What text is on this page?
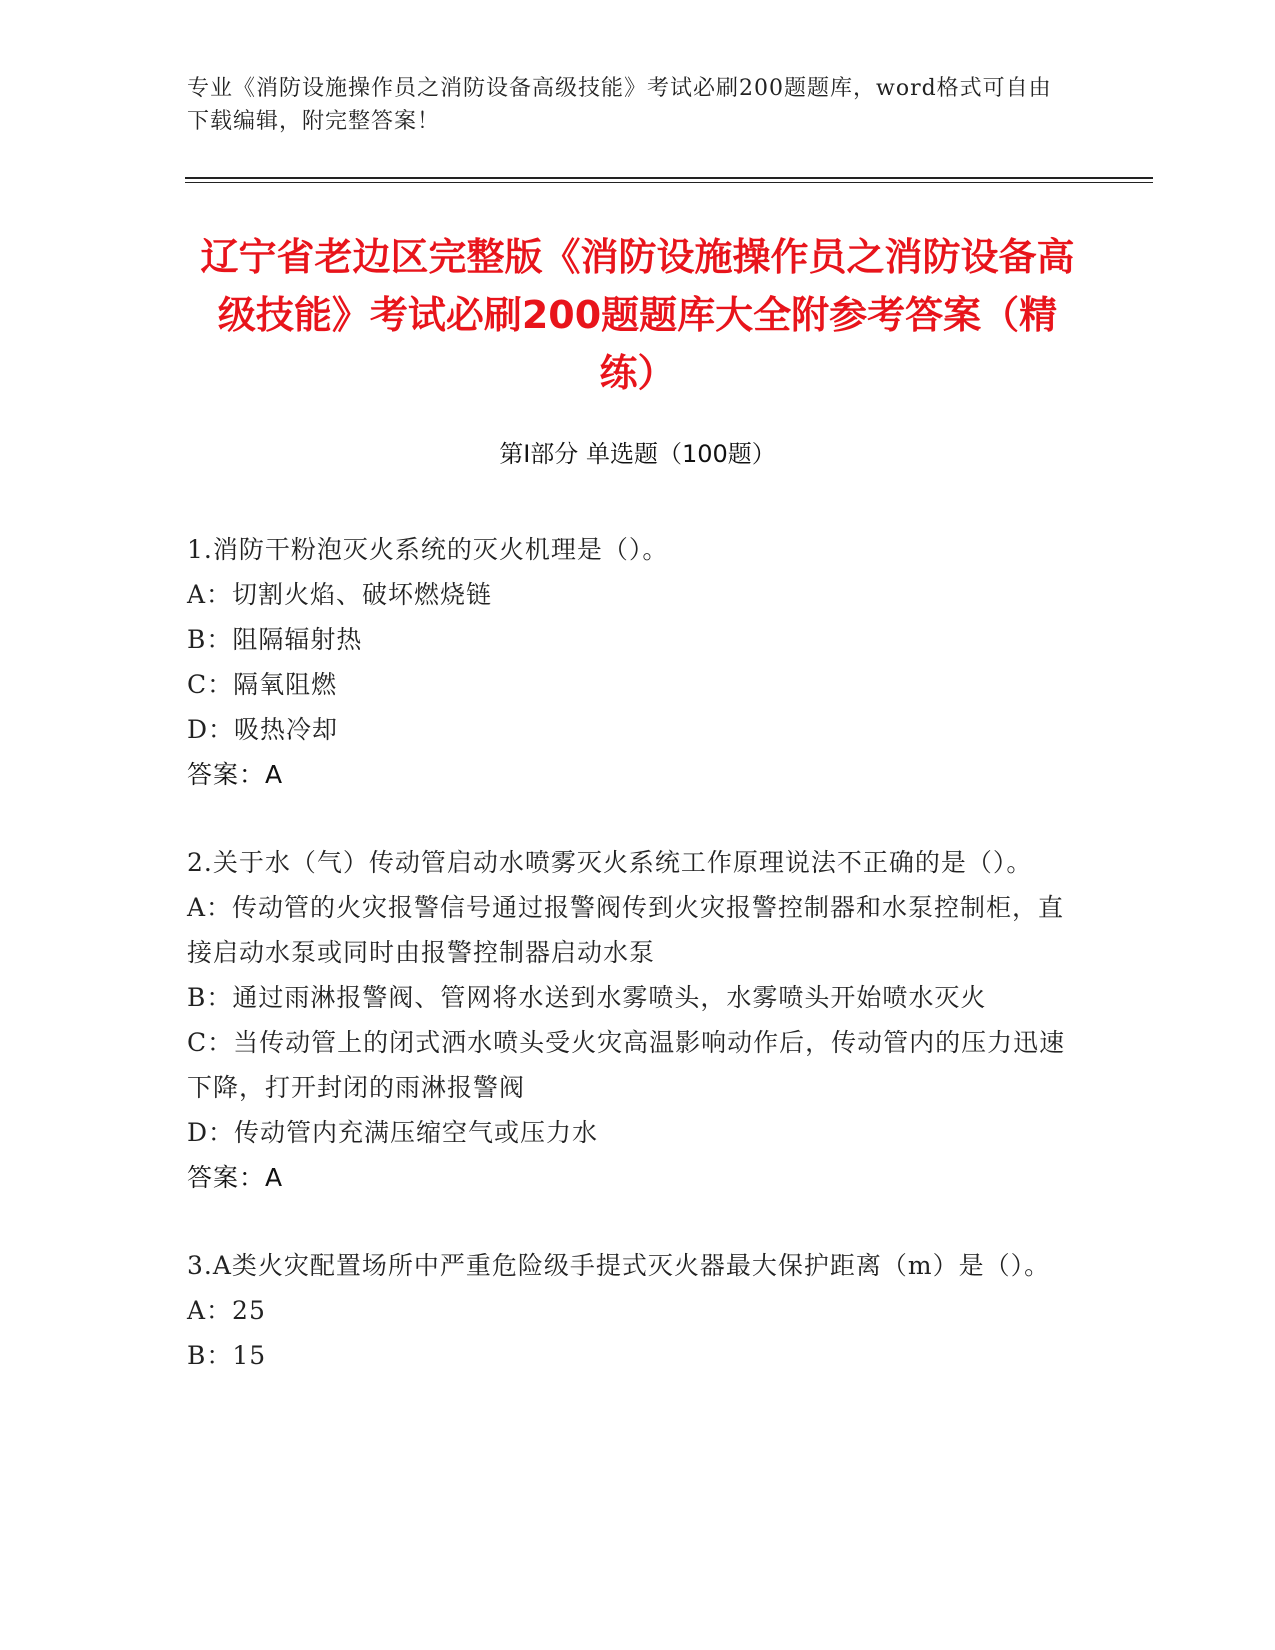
专业《消防设施操作员之消防设备高级技能》考试必刷200题题库，word格式可自由下载编辑，附完整答案！
辽宁省老边区完整版《消防设施操作员之消防设备高级技能》考试必刷200题题库大全附参考答案（精练）
第I部分 单选题（100题）
1.消防干粉泡灭火系统的灭火机理是（）。
A：切割火焰、破坏燃烧链
B：阻隔辐射热
C：隔氧阻燃
D：吸热冷却
答案：A
2.关于水（气）传动管启动水喷雾灭火系统工作原理说法不正确的是（）。
A：传动管的火灾报警信号通过报警阀传到火灾报警控制器和水泵控制柜，直接启动水泵或同时由报警控制器启动水泵
B：通过雨淋报警阀、管网将水送到水雾喷头，水雾喷头开始喷水灭火
C：当传动管上的闭式洒水喷头受火灾高温影响动作后，传动管内的压力迅速下降，打开封闭的雨淋报警阀
D：传动管内充满压缩空气或压力水
答案：A
3.A类火灾配置场所中严重危险级手提式灭火器最大保护距离（m）是（）。
A：25
B：15
